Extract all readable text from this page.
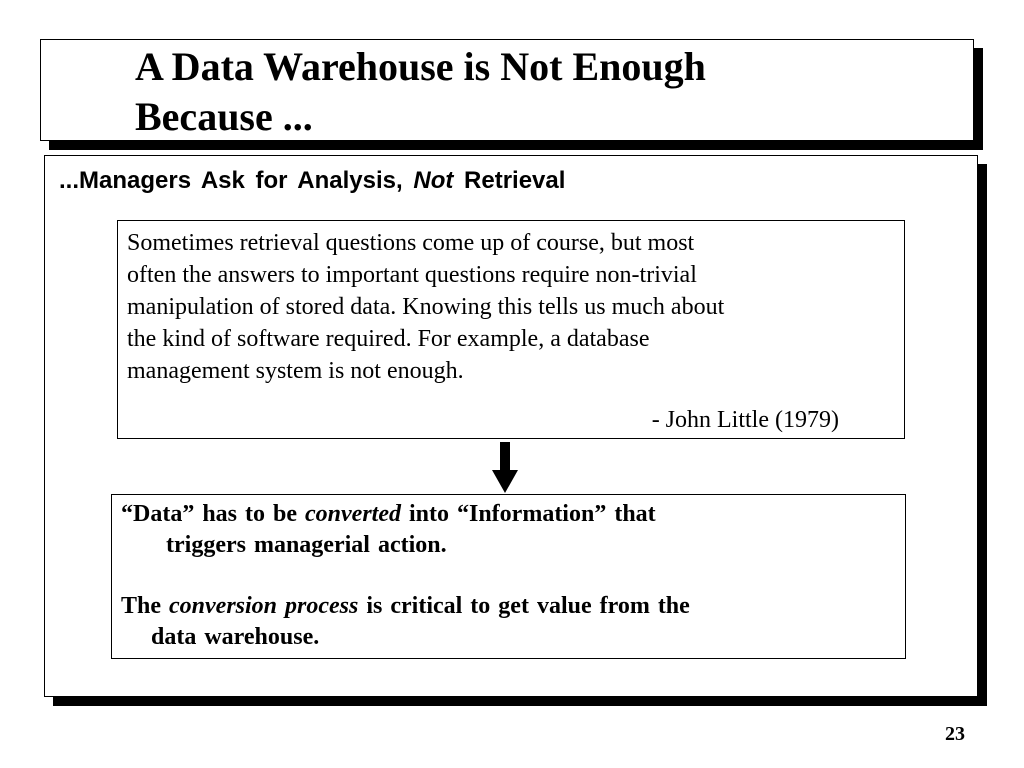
A Data Warehouse is Not Enough
Because ...

...Managers Ask for Analysis, Not Retrieval

Sometimes retrieval questions come up of course, but most

often the answers to important questions require non-trivial

manipulation of stored data. Knowing this tells us much about

the kind of software required. For example, a database

management system is not enough.

- John Little (1979)

“Data” has to be converted into “Information” that

triggers managerial action.

The conversion process is critical to get value from the

data warehouse.

23
